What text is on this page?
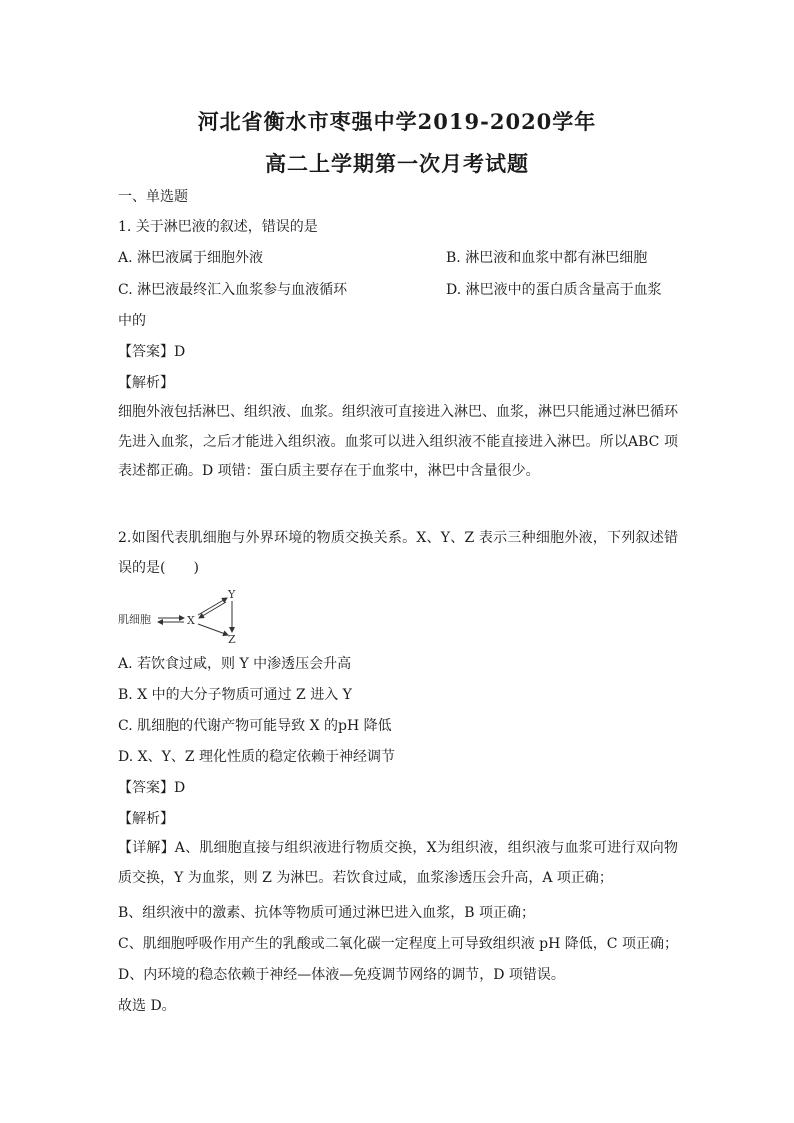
河北省衡水市枣强中学2019-2020学年
高二上学期第一次月考试题
一、单选题
1. 关于淋巴液的叙述，错误的是
A. 淋巴液属于细胞外液	B. 淋巴液和血浆中都有淋巴细胞
C. 淋巴液最终汇入血浆参与血液循环	D. 淋巴液中的蛋白质含量高于血浆
中的
【答案】D
【解析】
细胞外液包括淋巴、组织液、血浆。组织液可直接进入淋巴、血浆，淋巴只能通过淋巴循环先进入血浆，之后才能进入组织液。血浆可以进入组织液不能直接进入淋巴。所以ABC 项表述都正确。D 项错：蛋白质主要存在于血浆中，淋巴中含量很少。
2.如图代表肌细胞与外界环境的物质交换关系。X、Y、Z 表示三种细胞外液，下列叙述错误的是(　　)
肌细胞	X
Y
Z
A. 若饮食过咸，则 Y 中渗透压会升高
B. X 中的大分子物质可通过 Z 进入 Y
C. 肌细胞的代谢产物可能导致 X 的pH 降低
D. X、Y、Z 理化性质的稳定依赖于神经调节
【答案】D
【解析】
【详解】A、肌细胞直接与组织液进行物质交换，X为组织液，组织液与血浆可进行双向物质交换，Y 为血浆，则 Z 为淋巴。若饮食过咸，血浆渗透压会升高，A 项正确；
B、组织液中的激素、抗体等物质可通过淋巴进入血浆，B 项正确；
C、肌细胞呼吸作用产生的乳酸或二氧化碳一定程度上可导致组织液 pH 降低，C 项正确；
D、内环境的稳态依赖于神经—体液—免疫调节网络的调节，D 项错误。
故选 D。
